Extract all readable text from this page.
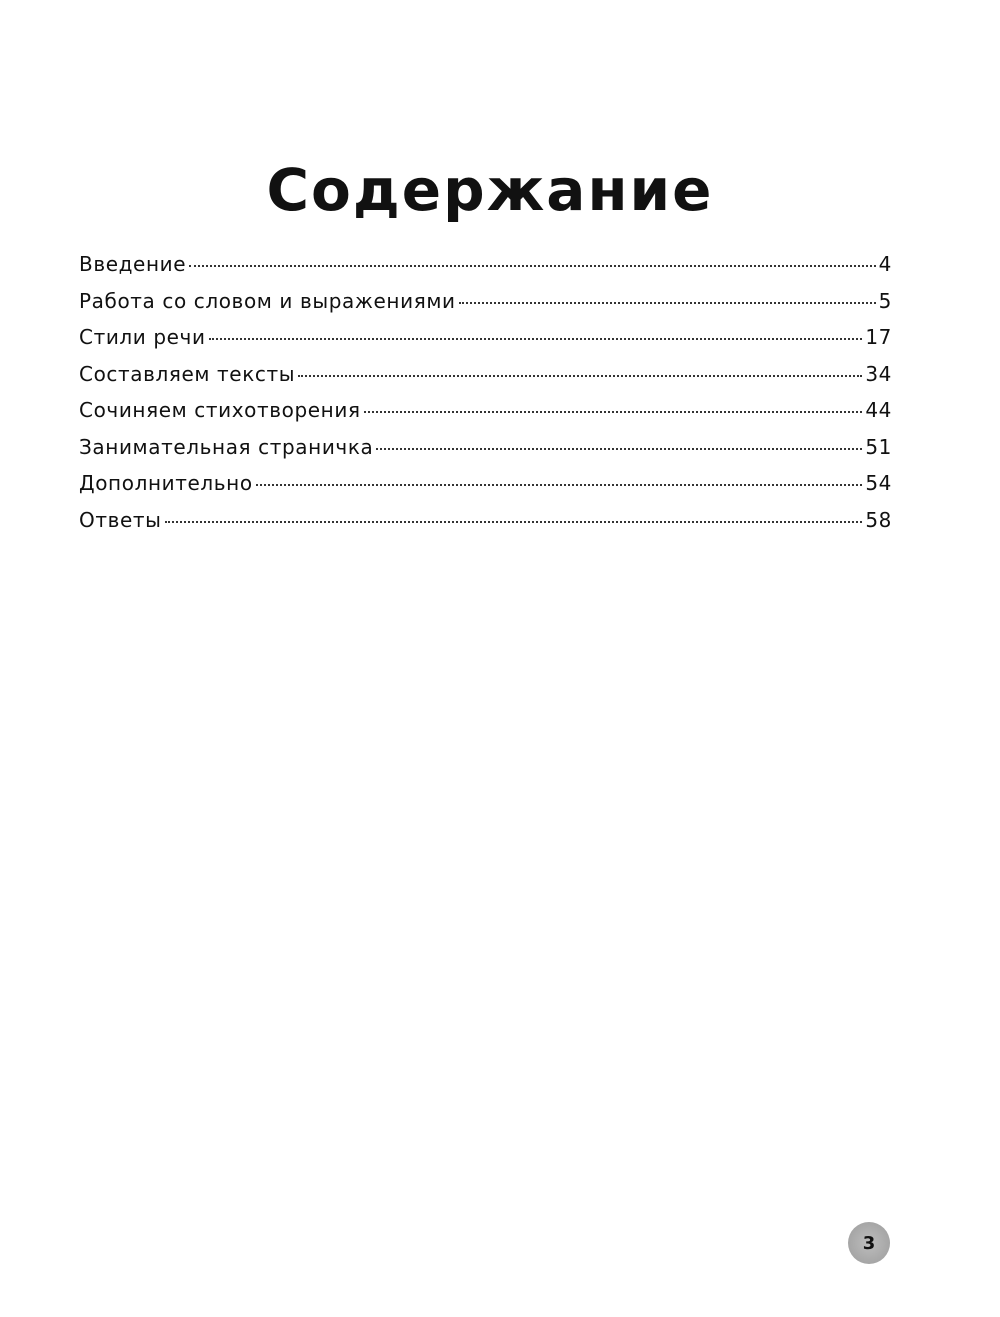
Содержание
Введение	4
Работа со словом и выражениями	5
Стили речи	17
Составляем тексты	34
Сочиняем стихотворения	44
Занимательная страничка	51
Дополнительно	54
Ответы	58
3
